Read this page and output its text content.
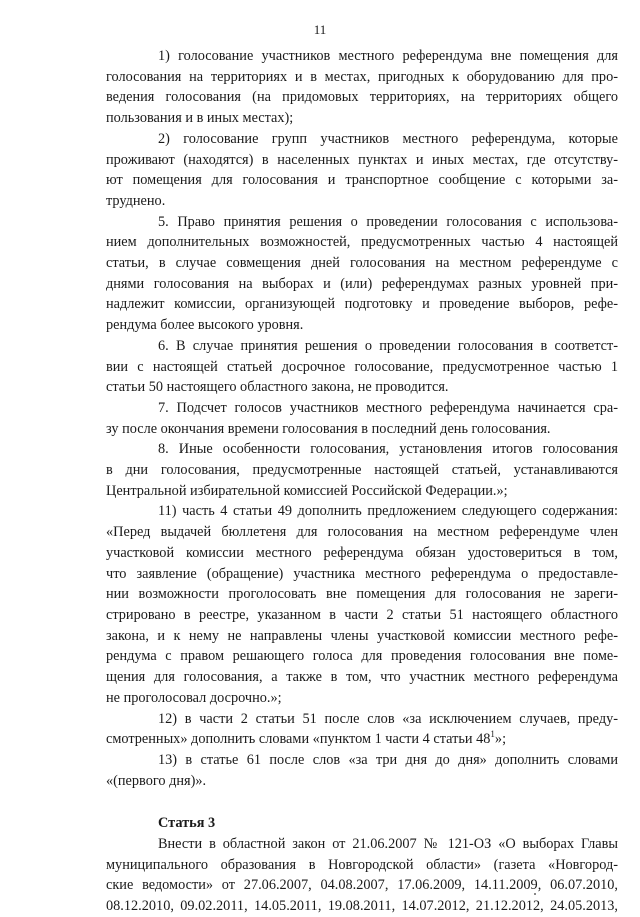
11
1) голосование участников местного референдума вне помещения для
голосования на территориях и в местах, пригодных к оборудованию для про-
ведения голосования (на придомовых территориях, на территориях общего
пользования и в иных местах);
2) голосование групп участников местного референдума, которые
проживают (находятся) в населенных пунктах и иных местах, где отсутству-
ют помещения для голосования и транспортное сообщение с которыми за-
труднено.
5. Право принятия решения о проведении голосования с использова-
нием дополнительных возможностей, предусмотренных частью 4 настоящей
статьи, в случае совмещения дней голосования на местном референдуме с
днями голосования на выборах и (или) референдумах разных уровней при-
надлежит комиссии, организующей подготовку и проведение выборов, рефе-
рендума более высокого уровня.
6. В случае принятия решения о проведении голосования в соответст-
вии с настоящей статьей досрочное голосование, предусмотренное частью 1
статьи 50 настоящего областного закона, не проводится.
7. Подсчет голосов участников местного референдума начинается сра-
зу после окончания времени голосования в последний день голосования.
8. Иные особенности голосования, установления итогов голосования
в дни голосования, предусмотренные настоящей статьей, устанавливаются
Центральной избирательной комиссией Российской Федерации.»;
11) часть 4 статьи 49 дополнить предложением следующего содержания:
«Перед выдачей бюллетеня для голосования на местном референдуме член
участковой комиссии местного референдума обязан удостовериться в том,
что заявление (обращение) участника местного референдума о предоставле-
нии возможности проголосовать вне помещения для голосования не зареги-
стрировано в реестре, указанном в части 2 статьи 51 настоящего областного
закона, и к нему не направлены члены участковой комиссии местного рефе-
рендума с правом решающего голоса для проведения голосования вне поме-
щения для голосования, а также в том, что участник местного референдума
не проголосовал досрочно.»;
12) в части 2 статьи 51 после слов «за исключением случаев, преду-
смотренных» дополнить словами «пунктом 1 части 4 статьи $48^1$»;
13) в статье 61 после слов «за три дня до дня» дополнить словами
«(первого дня)».
Статья 3
Внести в областной закон от 21.06.2007 № 121-ОЗ «О выборах Главы
муниципального образования в Новгородской области» (газета «Новгород-
ские ведомости» от 27.06.2007, 04.08.2007, 17.06.2009, 14.11.2009, 06.07.2010,
08.12.2010, 09.02.2011, 14.05.2011, 19.08.2011, 14.07.2012, 21.12.2012, 24.05.2013,
